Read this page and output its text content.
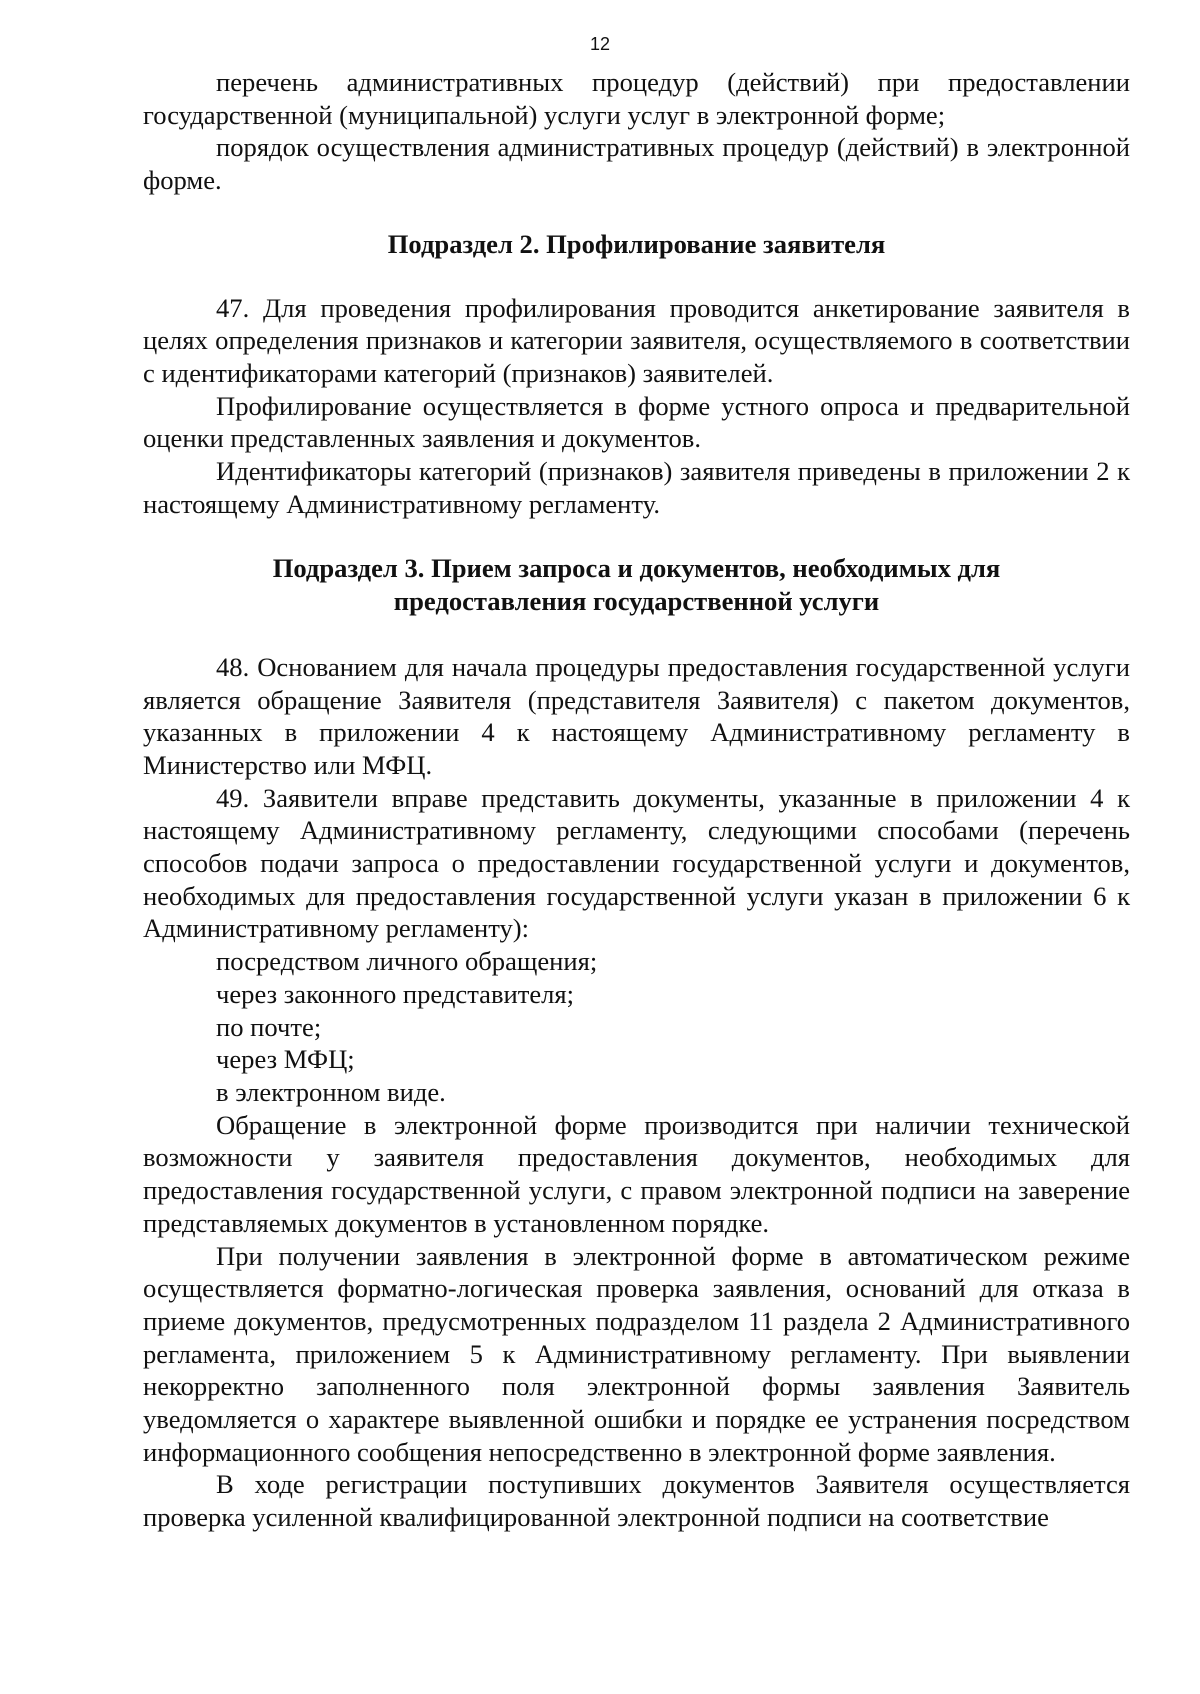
12

перечень административных процедур (действий) при предоставлении государственной (муниципальной) услуги услуг в электронной форме;

порядок осуществления административных процедур (действий) в электронной форме.

Подраздел 2. Профилирование заявителя

47. Для проведения профилирования проводится анкетирование заявителя в целях определения признаков и категории заявителя, осуществляемого в соответствии с идентификаторами категорий (признаков) заявителей.

Профилирование осуществляется в форме устного опроса и предварительной оценки представленных заявления и документов.

Идентификаторы категорий (признаков) заявителя приведены в приложении 2 к настоящему Административному регламенту.

Подраздел 3. Прием запроса и документов, необходимых для
предоставления государственной услуги

48. Основанием для начала процедуры предоставления государственной услуги является обращение Заявителя (представителя Заявителя) с пакетом документов, указанных в приложении 4 к настоящему Административному регламенту в Министерство или МФЦ.

49. Заявители вправе представить документы, указанные в приложении 4 к настоящему Административному регламенту, следующими способами (перечень способов подачи запроса о предоставлении государственной услуги и документов, необходимых для предоставления государственной услуги указан в приложении 6 к Административному регламенту):

посредством личного обращения;

через законного представителя;

по почте;

через МФЦ;

в электронном виде.

Обращение в электронной форме производится при наличии технической возможности у заявителя предоставления документов, необходимых для предоставления государственной услуги, с правом электронной подписи на заверение представляемых документов в установленном порядке.

При получении заявления в электронной форме в автоматическом режиме осуществляется форматно-логическая проверка заявления, оснований для отказа в приеме документов, предусмотренных подразделом 11 раздела 2 Административного регламента, приложением 5 к Административному регламенту. При выявлении некорректно заполненного поля электронной формы заявления Заявитель уведомляется о характере выявленной ошибки и порядке ее устранения посредством информационного сообщения непосредственно в электронной форме заявления.

В ходе регистрации поступивших документов Заявителя осуществляется проверка усиленной квалифицированной электронной подписи на соответствие
